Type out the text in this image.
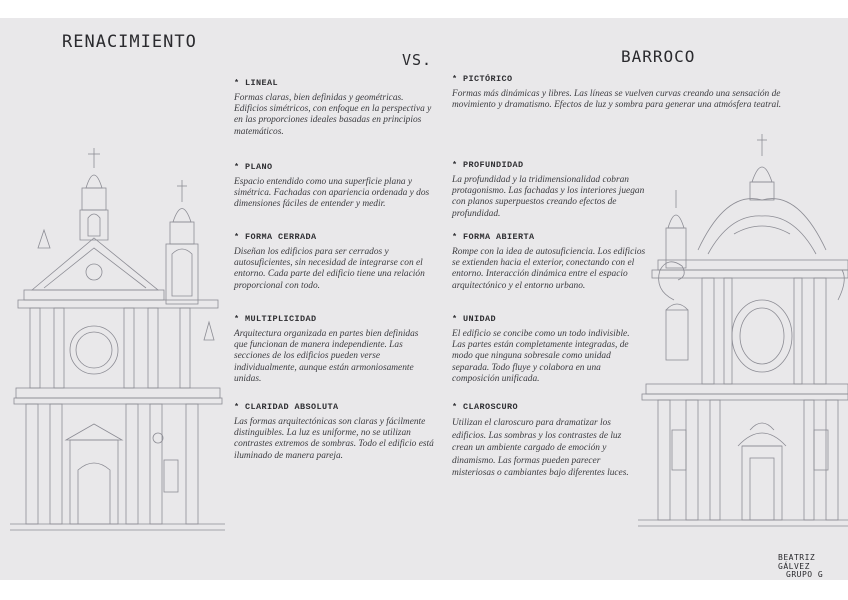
RENACIMIENTO
VS.	BARROCO
* LINEAL
Formas claras, bien definidas y geométricas. Edificios simétricos, con enfoque en la perspectiva y en las proporciones ideales basadas en principios matemáticos.
* PLANO
Espacio entendido como una superficie plana y simétrica. Fachadas con apariencia ordenada y dos dimensiones fáciles de entender y medir.
* FORMA CERRADA
Diseñan los edificios para ser cerrados y autosuficientes, sin necesidad de integrarse con el entorno. Cada parte del edificio tiene una relación proporcional con todo.
* MULTIPLICIDAD
Arquitectura organizada en partes bien definidas que funcionan de manera independiente. Las secciones de los edificios pueden verse individualmente, aunque están armoniosamente unidas.
* CLARIDAD ABSOLUTA
Las formas arquitectónicas son claras y fácilmente distinguibles. La luz es uniforme, no se utilizan contrastes extremos de sombras. Todo el edificio está iluminado de manera pareja.
* PICTÓRICO
Formas más dinámicas y libres. Las líneas se vuelven curvas creando una sensación de movimiento y dramatismo. Efectos de luz y sombra para generar una atmósfera teatral.
* PROFUNDIDAD
La profundidad y la tridimensionalidad cobran protagonismo. Las fachadas y los interiores juegan con planos superpuestos creando efectos de profundidad.
* FORMA ABIERTA
Rompe con la idea de autosuficiencia. Los edificios se extienden hacia el exterior, conectando con el entorno. Interacción dinámica entre el espacio arquitectónico y el entorno urbano.
* UNIDAD
El edificio se concibe como un todo indivisible. Las partes están completamente integradas, de modo que ninguna sobresale como unidad separada. Todo fluye y colabora en una composición unificada.
* CLAROSCURO
Utilizan el claroscuro para dramatizar los edificios. Las sombras y los contrastes de luz crean un ambiente cargado de emoción y dinamismo. Las formas pueden parecer misteriosas o cambiantes bajo diferentes luces.
BEATRIZ GÁLVEZ
GRUPO G
